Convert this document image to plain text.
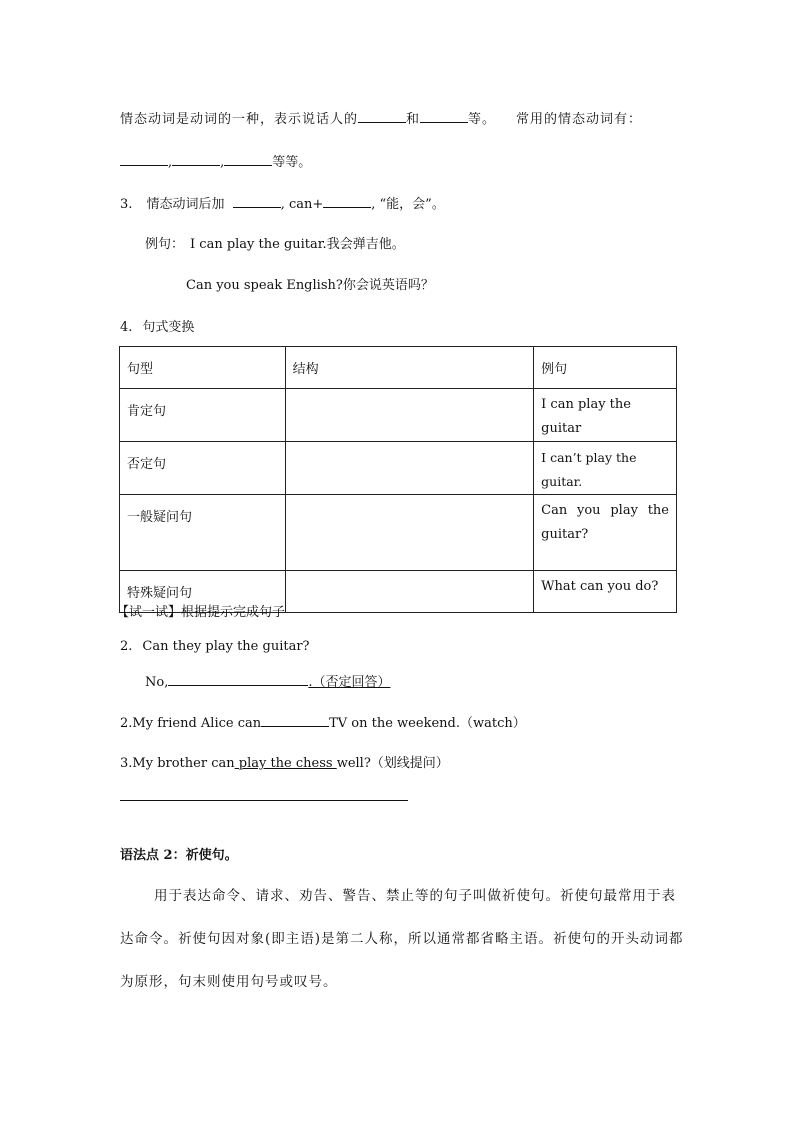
情态动词是动词的一种，表示说话人的	和	等。 常用的情态动词有：
,	,	等等。
3. 情态动词后加	, can+	, “能，会”。
例句： I can play the guitar.我会弹吉他。
Can you speak English?你会说英语吗？
4. 句式变换
句型	结构	例句

肯定句		I can play the guitar

否定句		I can’t play the guitar.

一般疑问句		Can you play the guitar?

特殊疑问句		What can you do?
【试一试】根据提示完成句子
2. Can they play the guitar?
No,	.（否定回答）
2.My friend Alice can	TV on the weekend.（watch）
3.My brother can play the chess well?（划线提问）
语法点 2：祈使句。
用于表达命令、请求、劝告、警告、禁止等的句子叫做祈使句。祈使句最常用于表达命令。祈使句因对象(即主语)是第二人称，所以通常都省略主语。祈使句的开头动词都为原形，句末则使用句号或叹号。
